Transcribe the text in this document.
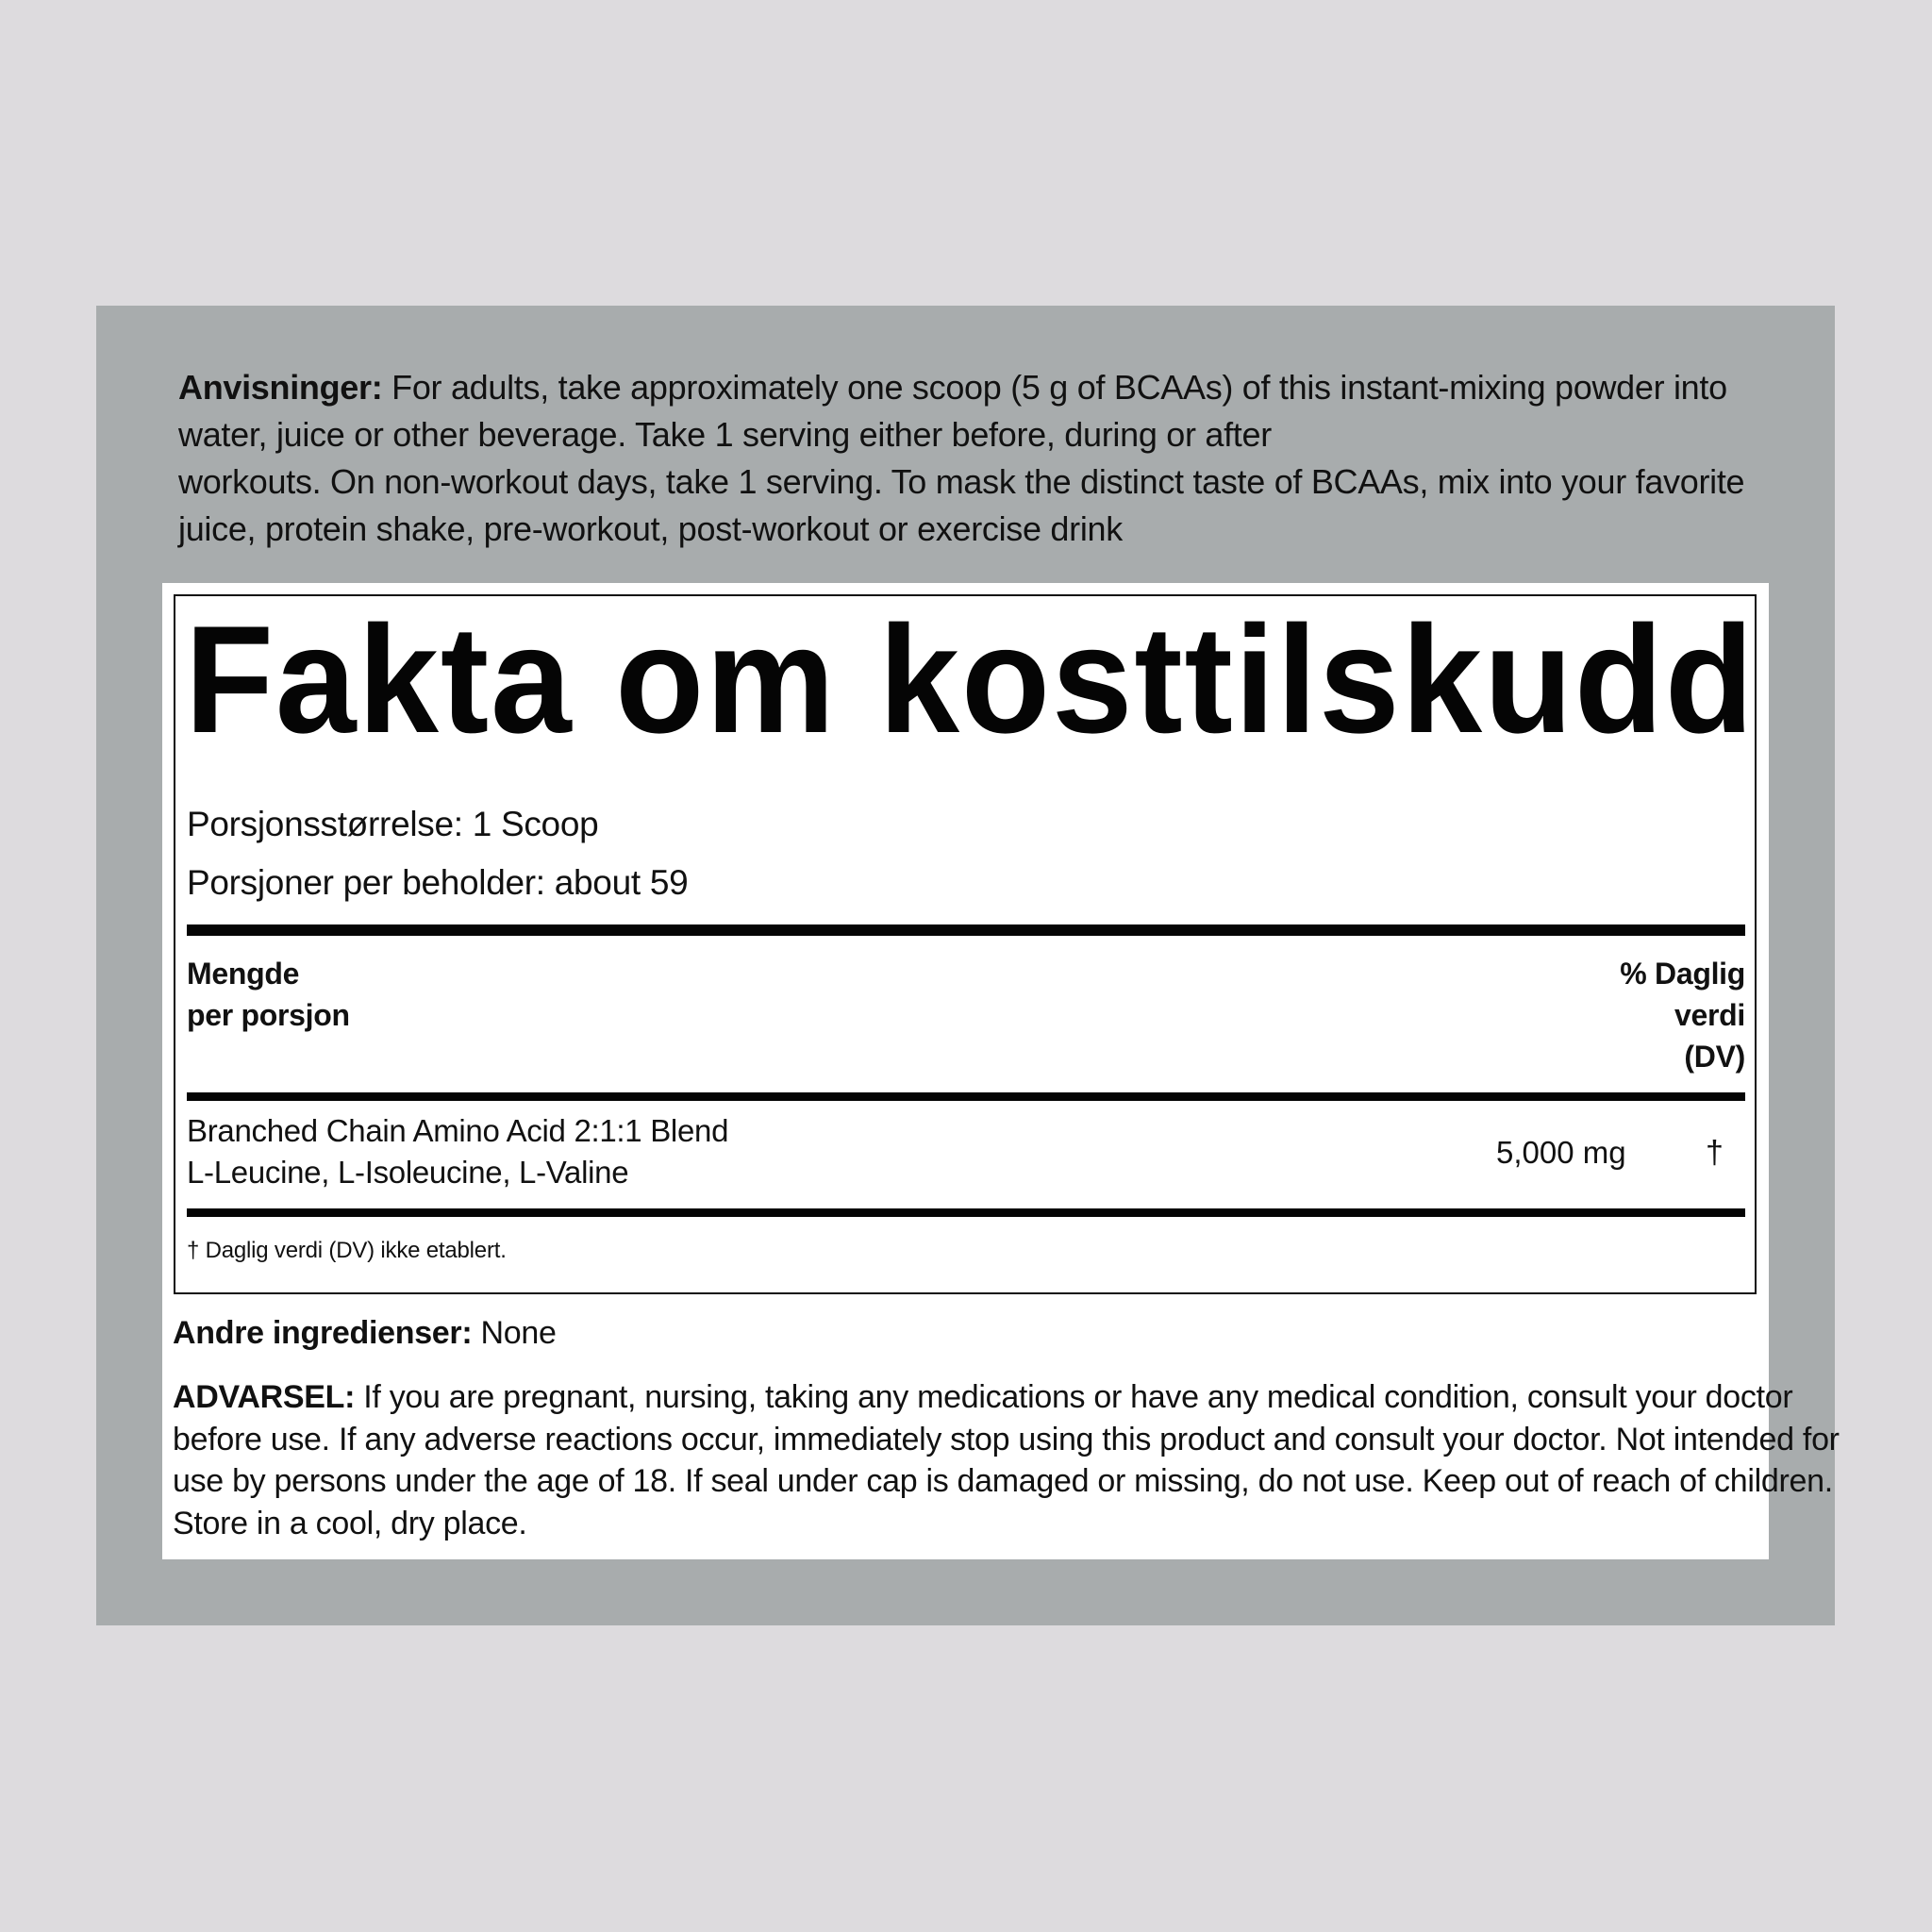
Anvisninger: For adults, take approximately one scoop (5 g of BCAAs) of this instant-mixing powder into
water, juice or other beverage. Take 1 serving either before, during or after
workouts. On non-workout days, take 1 serving. To mask the distinct taste of BCAAs, mix into your favorite
juice, protein shake, pre-workout, post-workout or exercise drink

Fakta om kosttilskudd
Porsjonsstørrelse: 1 Scoop
Porsjoner per beholder: about 59
Mengde
per porsjon
% Daglig
verdi
(DV)
Branched Chain Amino Acid 2:1:1 Blend
L-Leucine, L-Isoleucine, L-Valine
5,000 mg †
† Daglig verdi (DV) ikke etablert.
Andre ingredienser: None
ADVARSEL: If you are pregnant, nursing, taking any medications or have any medical condition, consult your doctor
before use. If any adverse reactions occur, immediately stop using this product and consult your doctor. Not intended for
use by persons under the age of 18. If seal under cap is damaged or missing, do not use. Keep out of reach of children.
Store in a cool, dry place.
